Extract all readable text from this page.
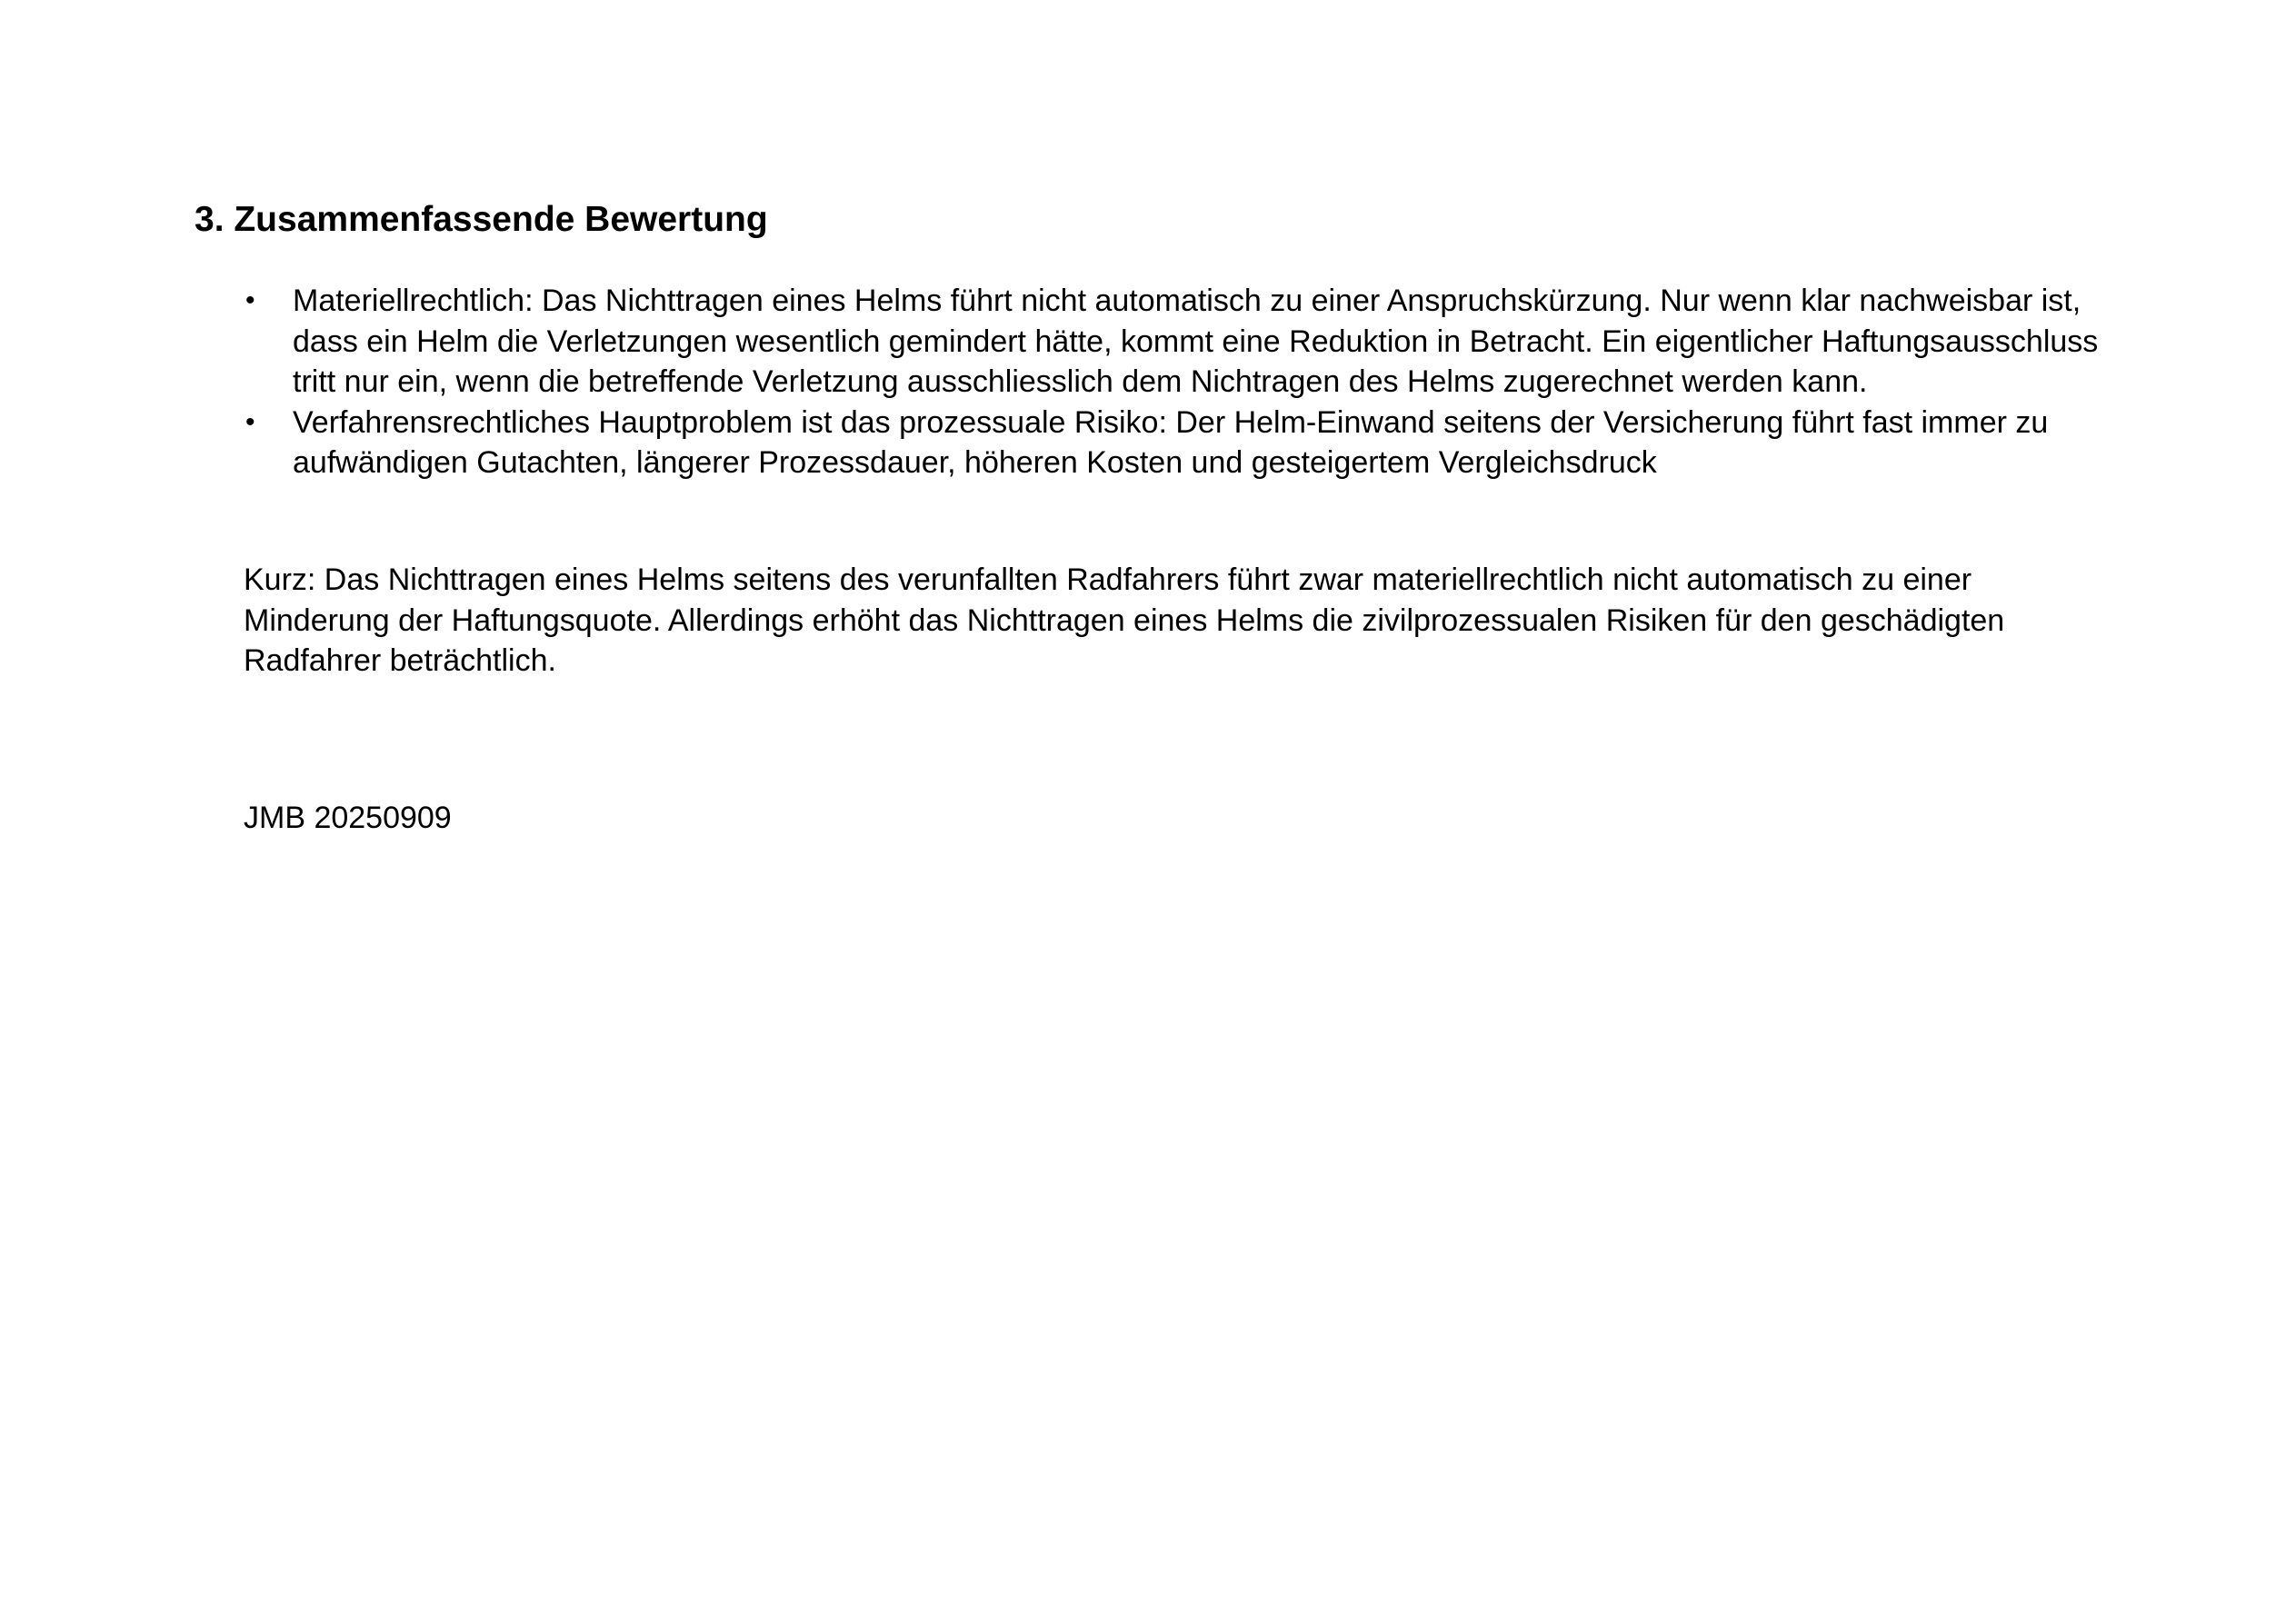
3. Zusammenfassende Bewertung
• Materiellrechtlich: Das Nichttragen eines Helms führt nicht automatisch zu einer Anspruchskürzung. Nur wenn klar nachweisbar ist, dass ein Helm die Verletzungen wesentlich gemindert hätte, kommt eine Reduktion in Betracht. Ein eigentlicher Haftungsausschluss tritt nur ein, wenn die betreffende Verletzung ausschliesslich dem Nichtragen des Helms zugerechnet werden kann.
• Verfahrensrechtliches Hauptproblem ist das prozessuale Risiko: Der Helm-Einwand seitens der Versicherung führt fast immer zu aufwändigen Gutachten, längerer Prozessdauer, höheren Kosten und gesteigertem Vergleichsdruck

Kurz: Das Nichttragen eines Helms seitens des verunfallten Radfahrers führt zwar materiellrechtlich nicht automatisch zu einer Minderung der Haftungsquote. Allerdings erhöht das Nichttragen eines Helms die zivilprozessualen Risiken für den geschädigten Radfahrer beträchtlich.

JMB 20250909
